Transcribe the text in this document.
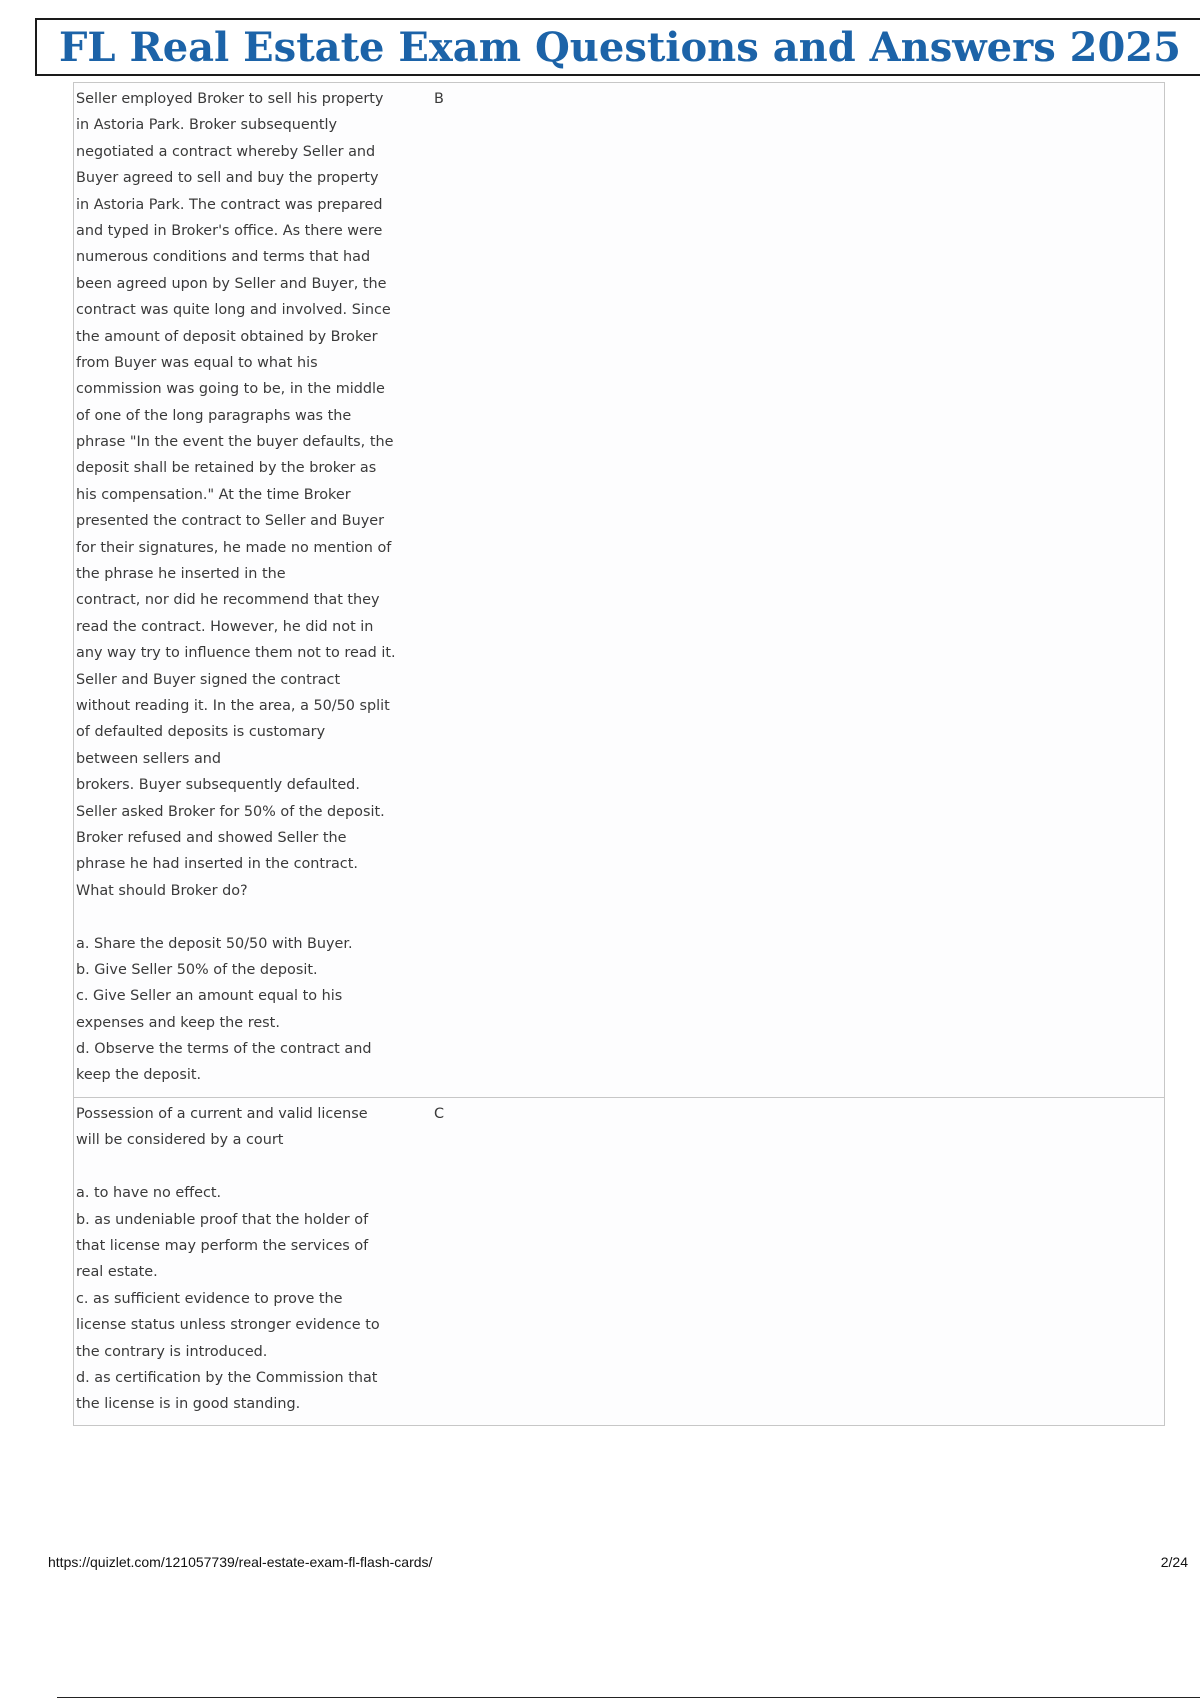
FL Real Estate Exam Questions and Answers 2025
Seller employed Broker to sell his property
in Astoria Park. Broker subsequently
negotiated a contract whereby Seller and
Buyer agreed to sell and buy the property
in Astoria Park. The contract was prepared
and typed in Broker's office. As there were
numerous conditions and terms that had
been agreed upon by Seller and Buyer, the
contract was quite long and involved. Since
the amount of deposit obtained by Broker
from Buyer was equal to what his
commission was going to be, in the middle
of one of the long paragraphs was the
phrase "In the event the buyer defaults, the
deposit shall be retained by the broker as
his compensation." At the time Broker
presented the contract to Seller and Buyer
for their signatures, he made no mention of
the phrase he inserted in the
contract, nor did he recommend that they
read the contract. However, he did not in
any way try to influence them not to read it.
Seller and Buyer signed the contract
without reading it. In the area, a 50/50 split
of defaulted deposits is customary
between sellers and
brokers. Buyer subsequently defaulted.
Seller asked Broker for 50% of the deposit.
Broker refused and showed Seller the
phrase he had inserted in the contract.
What should Broker do?
a. Share the deposit 50/50 with Buyer.
b. Give Seller 50% of the deposit.
c. Give Seller an amount equal to his
expenses and keep the rest.
d. Observe the terms of the contract and
keep the deposit.
B
Possession of a current and valid license
will be considered by a court
a. to have no effect.
b. as undeniable proof that the holder of
that license may perform the services of
real estate.
c. as sufficient evidence to prove the
license status unless stronger evidence to
the contrary is introduced.
d. as certification by the Commission that
the license is in good standing.
C
https://quizlet.com/121057739/real-estate-exam-fl-flash-cards/	2/24
